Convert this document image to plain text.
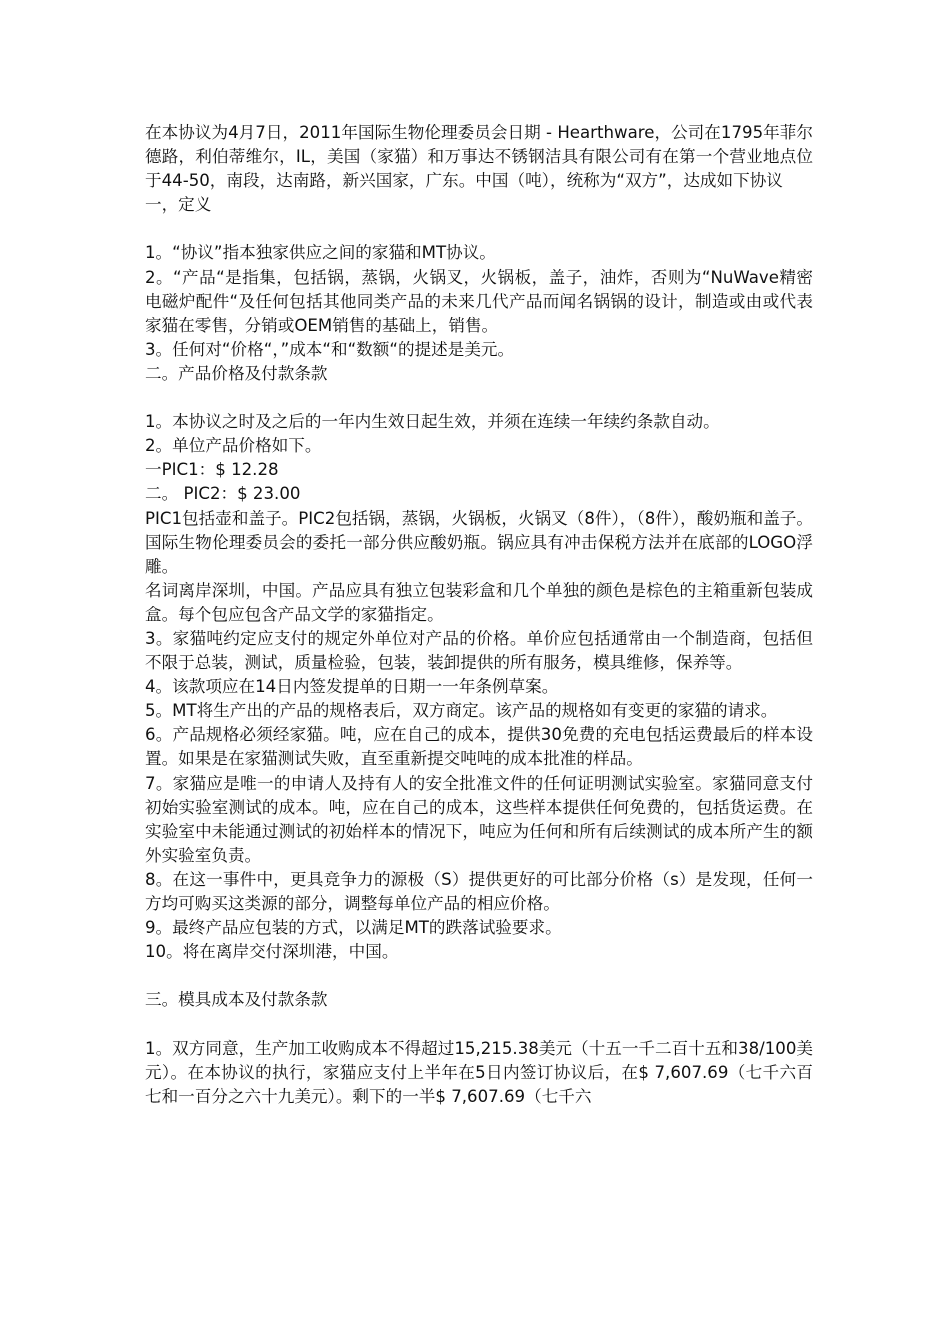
在本协议为4月7日，2011年国际生物伦理委员会日期 - Hearthware，公司在1795年菲尔德路，利伯蒂维尔，IL，美国（家猫）和万事达不锈钢洁具有限公司有在第一个营业地点位于44-50，南段，达南路，新兴国家，广东。中国（吨），统称为“双方”，达成如下协议

一，定义

1。“协议”指本独家供应之间的家猫和MT协议。

2。“产品“是指集，包括锅，蒸锅，火锅叉，火锅板，盖子，油炸，否则为“NuWave精密电磁炉配件“及任何包括其他同类产品的未来几代产品而闻名锅锅的设计，制造或由或代表家猫在零售，分销或OEM销售的基础上，销售。

3。任何对“价格“，”成本“和“数额“的提述是美元。

二。产品价格及付款条款

1。本协议之时及之后的一年内生效日起生效，并须在连续一年续约条款自动。

2。单位产品价格如下。

一PIC1：$ 12.28

二。 PIC2：$ 23.00

PIC1包括壶和盖子。PIC2包括锅，蒸锅，火锅板，火锅叉（8件），（8件），酸奶瓶和盖子。国际生物伦理委员会的委托一部分供应酸奶瓶。锅应具有冲击保税方法并在底部的LOGO浮雕。

名词离岸深圳，中国。产品应具有独立包装彩盒和几个单独的颜色是棕色的主箱重新包装成盒。每个包应包含产品文学的家猫指定。

3。家猫吨约定应支付的规定外单位对产品的价格。单价应包括通常由一个制造商，包括但不限于总装，测试，质量检验，包装，装卸提供的所有服务，模具维修，保养等。

4。该款项应在14日内签发提单的日期一一年条例草案。

5。MT将生产出的产品的规格表后，双方商定。该产品的规格如有变更的家猫的请求。

6。产品规格必须经家猫。吨，应在自己的成本，提供30免费的充电包括运费最后的样本设置。如果是在家猫测试失败，直至重新提交吨吨的成本批准的样品。

7。家猫应是唯一的申请人及持有人的安全批准文件的任何证明测试实验室。家猫同意支付初始实验室测试的成本。吨，应在自己的成本，这些样本提供任何免费的，包括货运费。在实验室中未能通过测试的初始样本的情况下，吨应为任何和所有后续测试的成本所产生的额外实验室负责。

8。在这一事件中，更具竞争力的源极（S）提供更好的可比部分价格（s）是发现，任何一方均可购买这类源的部分，调整每单位产品的相应价格。

9。最终产品应包装的方式，以满足MT的跌落试验要求。

10。将在离岸交付深圳港，中国。

三。模具成本及付款条款

1。双方同意，生产加工收购成本不得超过15,215.38美元（十五一千二百十五和38/100美元）。在本协议的执行，家猫应支付上半年在5日内签订协议后，在$ 7,607.69（七千六百七和一百分之六十九美元）。剩下的一半$ 7,607.69（七千六
